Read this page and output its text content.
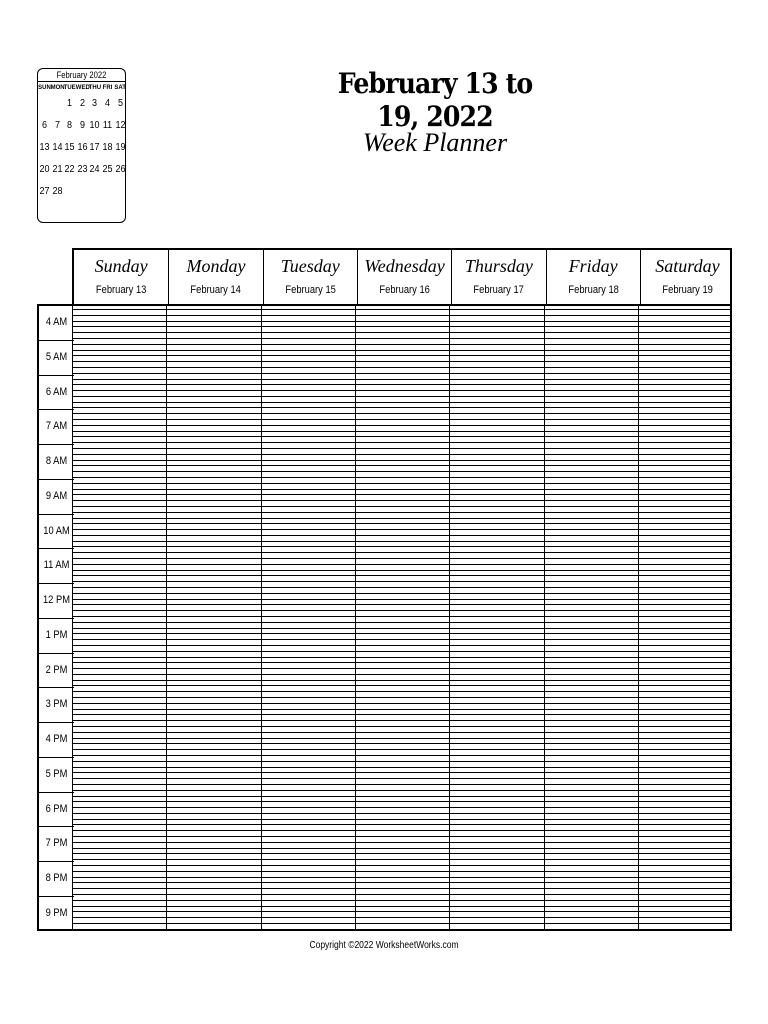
February 2022
SUN MON TUE WED
THU FRI SAT
1 2 3 4 5
6 7 8 9 10 11 12
13 14 15 16 17 18 19
20 21 22 23 24 25 26
27 28
February 13 to 19, 2022
Week Planner
Sunday
February 13
Monday
February 14
Tuesday
February 15
Wednesday
February 16
Thursday
February 17
Friday
February 18
Saturday
February 19
4 AM
5 AM
6 AM
7 AM
8 AM
9 AM
10 AM
11 AM
12 PM
1 PM
2 PM
3 PM
4 PM
5 PM
6 PM
7 PM
8 PM
9 PM
Copyright ©2022 WorksheetWorks.com
